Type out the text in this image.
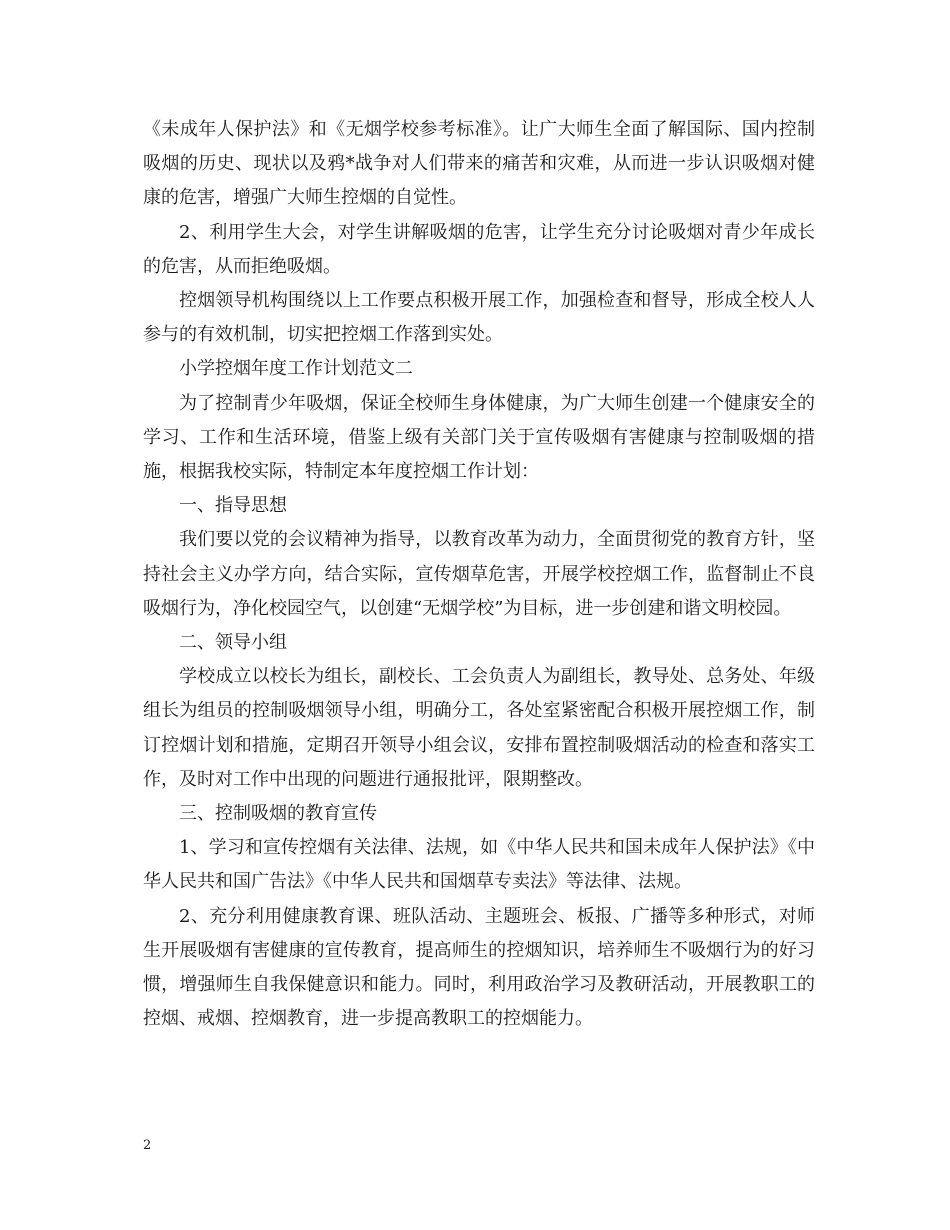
《未成年人保护法》和《无烟学校参考标准》。让广大师生全面了解国际、国内控制吸烟的历史、现状以及鸦*战争对人们带来的痛苦和灾难，从而进一步认识吸烟对健康的危害，增强广大师生控烟的自觉性。

2、利用学生大会，对学生讲解吸烟的危害，让学生充分讨论吸烟对青少年成长的危害，从而拒绝吸烟。

控烟领导机构围绕以上工作要点积极开展工作，加强检查和督导，形成全校人人参与的有效机制，切实把控烟工作落到实处。

小学控烟年度工作计划范文二

为了控制青少年吸烟，保证全校师生身体健康，为广大师生创建一个健康安全的学习、工作和生活环境，借鉴上级有关部门关于宣传吸烟有害健康与控制吸烟的措施，根据我校实际，特制定本年度控烟工作计划：

一、指导思想

我们要以党的会议精神为指导，以教育改革为动力，全面贯彻党的教育方针，坚持社会主义办学方向，结合实际，宣传烟草危害，开展学校控烟工作，监督制止不良吸烟行为，净化校园空气，以创建“无烟学校”为目标，进一步创建和谐文明校园。

二、领导小组

学校成立以校长为组长，副校长、工会负责人为副组长，教导处、总务处、年级组长为组员的控制吸烟领导小组，明确分工，各处室紧密配合积极开展控烟工作，制订控烟计划和措施，定期召开领导小组会议，安排布置控制吸烟活动的检查和落实工作，及时对工作中出现的问题进行通报批评，限期整改。

三、控制吸烟的教育宣传

1、学习和宣传控烟有关法律、法规，如《中华人民共和国未成年人保护法》《中华人民共和国广告法》《中华人民共和国烟草专卖法》等法律、法规。

2、充分利用健康教育课、班队活动、主题班会、板报、广播等多种形式，对师生开展吸烟有害健康的宣传教育，提高师生的控烟知识，培养师生不吸烟行为的好习惯，增强师生自我保健意识和能力。同时，利用政治学习及教研活动，开展教职工的控烟、戒烟、控烟教育，进一步提高教职工的控烟能力。

2
